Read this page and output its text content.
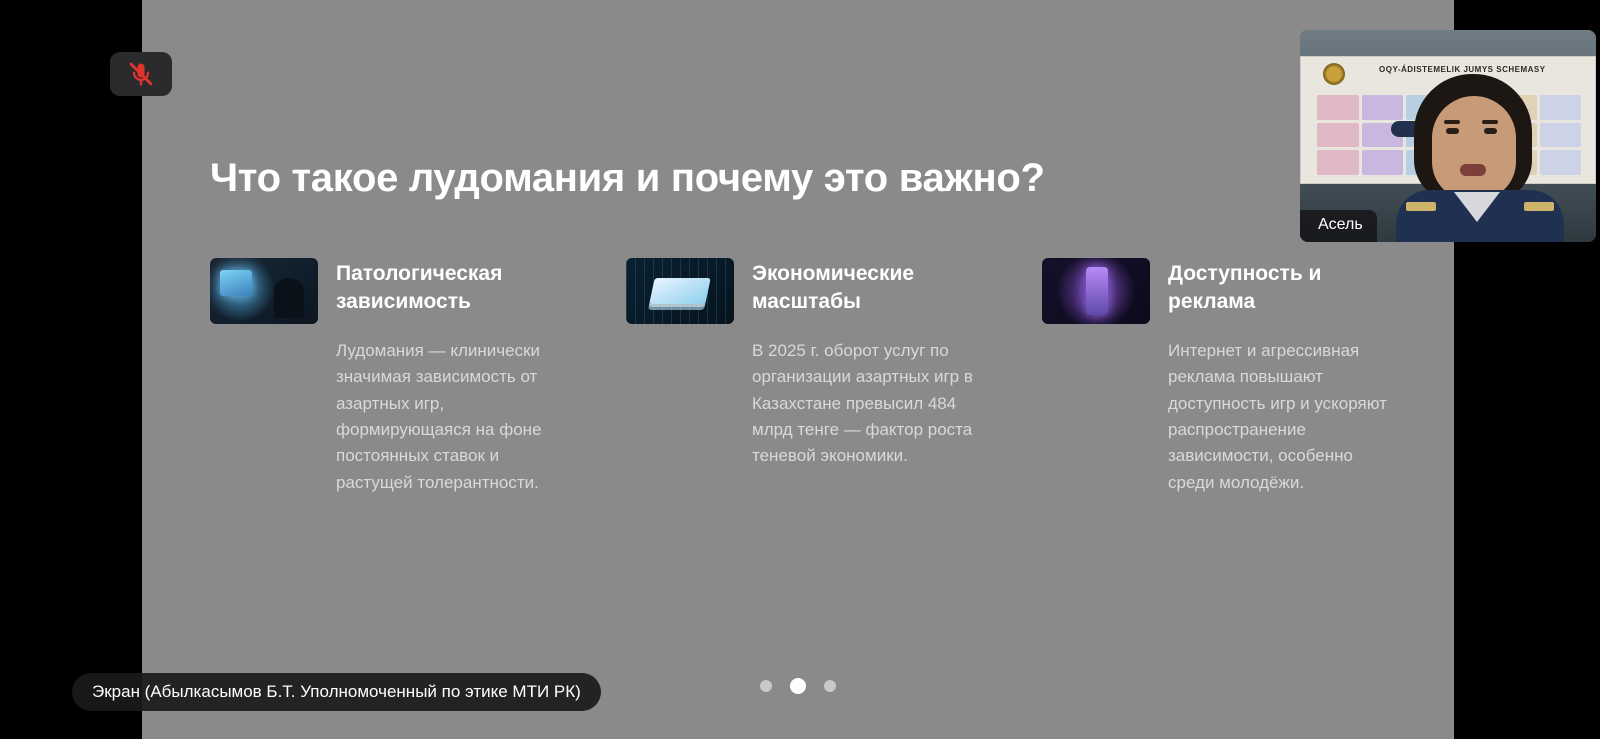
Что такое лудомания и почему это важно?
Патологическая зависимость
Лудомания — клинически значимая зависимость от азартных игр, формирующаяся на фоне постоянных ставок и растущей толерантности.
Экономические масштабы
В 2025 г. оборот услуг по организации азартных игр в Казахстане превысил 484 млрд тенге — фактор роста теневой экономики.
Доступность и реклама
Интернет и агрессивная реклама повышают доступность игр и ускоряют распространение зависимости, особенно среди молодёжи.
OQY-ÁDISTEMELIK JUMYS SCHEMASY
Асель
Экран (Абылкасымов Б.Т. Уполномоченный по этике МТИ РК)
